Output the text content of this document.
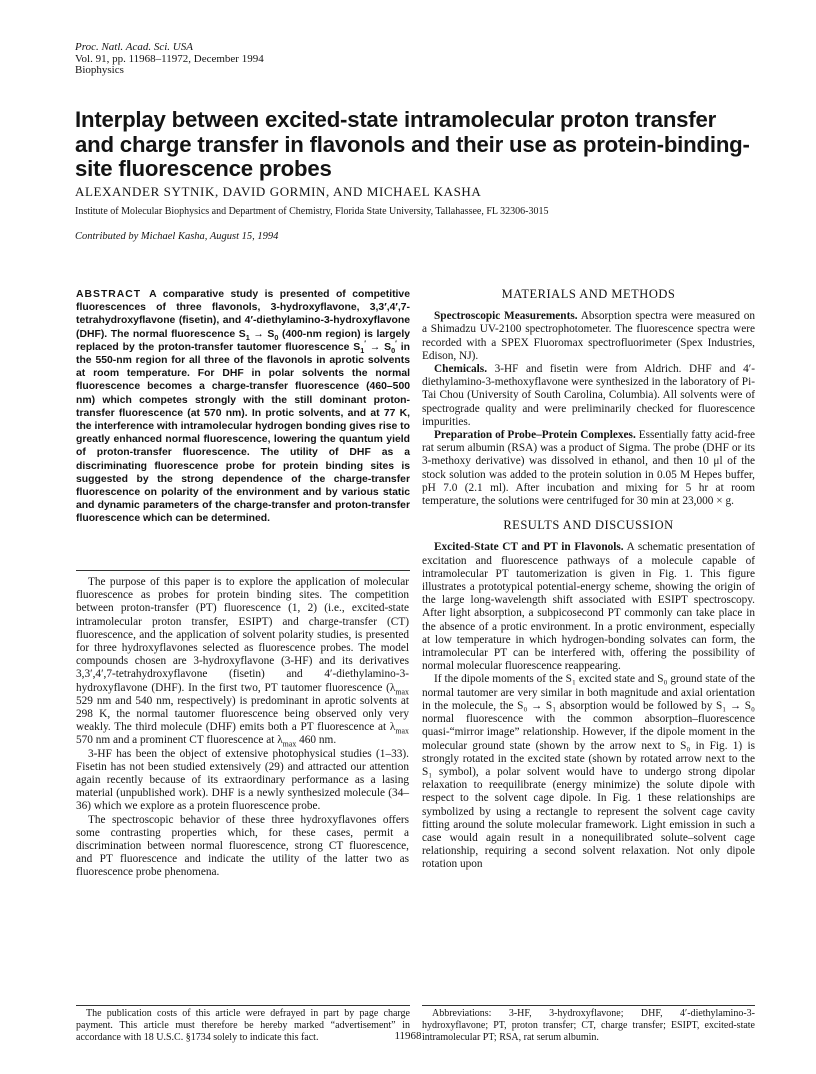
Proc. Natl. Acad. Sci. USA
Vol. 91, pp. 11968–11972, December 1994
Biophysics
Interplay between excited-state intramolecular proton transfer and charge transfer in flavonols and their use as protein-binding-site fluorescence probes
ALEXANDER SYTNIK, DAVID GORMIN, AND MICHAEL KASHA
Institute of Molecular Biophysics and Department of Chemistry, Florida State University, Tallahassee, FL 32306-3015
Contributed by Michael Kasha, August 15, 1994
ABSTRACT A comparative study is presented of competitive fluorescences of three flavonols, 3-hydroxyflavone, 3,3′,4′,7-tetrahydroxyflavone (fisetin), and 4′-diethylamino-3-hydroxyflavone (DHF). The normal fluorescence $S_1 \to S_0$ (400-nm region) is largely replaced by the proton-transfer tautomer fluorescence $S_1' \to S_0'$ in the 550-nm region for all three of the flavonols in aprotic solvents at room temperature. For DHF in polar solvents the normal fluorescence becomes a charge-transfer fluorescence (460–500 nm) which competes strongly with the still dominant proton-transfer fluorescence (at 570 nm). In protic solvents, and at 77 K, the interference with intramolecular hydrogen bonding gives rise to greatly enhanced normal fluorescence, lowering the quantum yield of proton-transfer fluorescence. The utility of DHF as a discriminating fluorescence probe for protein binding sites is suggested by the strong dependence of the charge-transfer fluorescence on polarity of the environment and by various static and dynamic parameters of the charge-transfer and proton-transfer fluorescence which can be determined.

The purpose of this paper is to explore the application of molecular fluorescence as probes for protein binding sites. The competition between proton-transfer (PT) fluorescence (1, 2) (i.e., excited-state intramolecular proton transfer, ESIPT) and charge-transfer (CT) fluorescence, and the application of solvent polarity studies, is presented for three hydroxyflavones selected as fluorescence probes. The model compounds chosen are 3-hydroxyflavone (3-HF) and its derivatives 3,3′,4′,7-tetrahydroxyflavone (fisetin) and 4′-diethylamino-3-hydroxyflavone (DHF). In the first two, PT tautomer fluorescence ($\lambda_{max}$ 529 nm and 540 nm, respectively) is predominant in aprotic solvents at 298 K, the normal tautomer fluorescence being observed only very weakly. The third molecule (DHF) emits both a PT fluorescence at $\lambda_{max}$ 570 nm and a prominent CT fluorescence at $\lambda_{max}$ 460 nm.

3-HF has been the object of extensive photophysical studies (1–33). Fisetin has not been studied extensively (29) and attracted our attention again recently because of its extraordinary performance as a lasing material (unpublished work). DHF is a newly synthesized molecule (34–36) which we explore as a protein fluorescence probe.

The spectroscopic behavior of these three hydroxyflavones offers some contrasting properties which, for these cases, permit a discrimination between normal fluorescence, strong CT fluorescence, and PT fluorescence and indicate the utility of the latter two as fluorescence probe phenomena.

The publication costs of this article were defrayed in part by page charge payment. This article must therefore be hereby marked “advertisement” in accordance with 18 U.S.C. §1734 solely to indicate this fact.

MATERIALS AND METHODS

Spectroscopic Measurements. Absorption spectra were measured on a Shimadzu UV-2100 spectrophotometer. The fluorescence spectra were recorded with a SPEX Fluoromax spectrofluorimeter (Spex Industries, Edison, NJ).

Chemicals. 3-HF and fisetin were from Aldrich. DHF and 4′-diethylamino-3-methoxyflavone were synthesized in the laboratory of Pi-Tai Chou (University of South Carolina, Columbia). All solvents were of spectrograde quality and were preliminarily checked for fluorescence impurities.

Preparation of Probe–Protein Complexes. Essentially fatty acid-free rat serum albumin (RSA) was a product of Sigma. The probe (DHF or its 3-methoxy derivative) was dissolved in ethanol, and then 10 μl of the stock solution was added to the protein solution in 0.05 M Hepes buffer, pH 7.0 (2.1 ml). After incubation and mixing for 5 hr at room temperature, the solutions were centrifuged for 30 min at 23,000 × g.

RESULTS AND DISCUSSION

Excited-State CT and PT in Flavonols. A schematic presentation of excitation and fluorescence pathways of a molecule capable of intramolecular PT tautomerization is given in Fig. 1. This figure illustrates a prototypical potential-energy scheme, showing the origin of the large long-wavelength shift associated with ESIPT spectroscopy. After light absorption, a subpicosecond PT commonly can take place in the absence of a protic environment. In a protic environment, especially at low temperature in which hydrogen-bonding solvates can form, the intramolecular PT can be interfered with, offering the possibility of normal molecular fluorescence reappearing.

If the dipole moments of the S₁ excited state and S₀ ground state of the normal tautomer are very similar in both magnitude and axial orientation in the molecule, the S₀ → S₁ absorption would be followed by S₁ → S₀ normal fluorescence with the common absorption–fluorescence quasi-“mirror image” relationship. However, if the dipole moment in the molecular ground state (shown by the arrow next to S₀ in Fig. 1) is strongly rotated in the excited state (shown by rotated arrow next to the S₁ symbol), a polar solvent would have to undergo strong dipolar relaxation to reequilibrate (energy minimize) the solute dipole with respect to the solvent cage dipole. In Fig. 1 these relationships are symbolized by using a rectangle to represent the solvent cage cavity fitting around the solute molecular framework. Light emission in such a case would again result in a nonequilibrated solute–solvent cage relationship, requiring a second solvent relaxation. Not only dipole rotation upon

Abbreviations: 3-HF, 3-hydroxyflavone; DHF, 4′-diethylamino-3-hydroxyflavone; PT, proton transfer; CT, charge transfer; ESIPT, excited-state intramolecular PT; RSA, rat serum albumin.

11968
